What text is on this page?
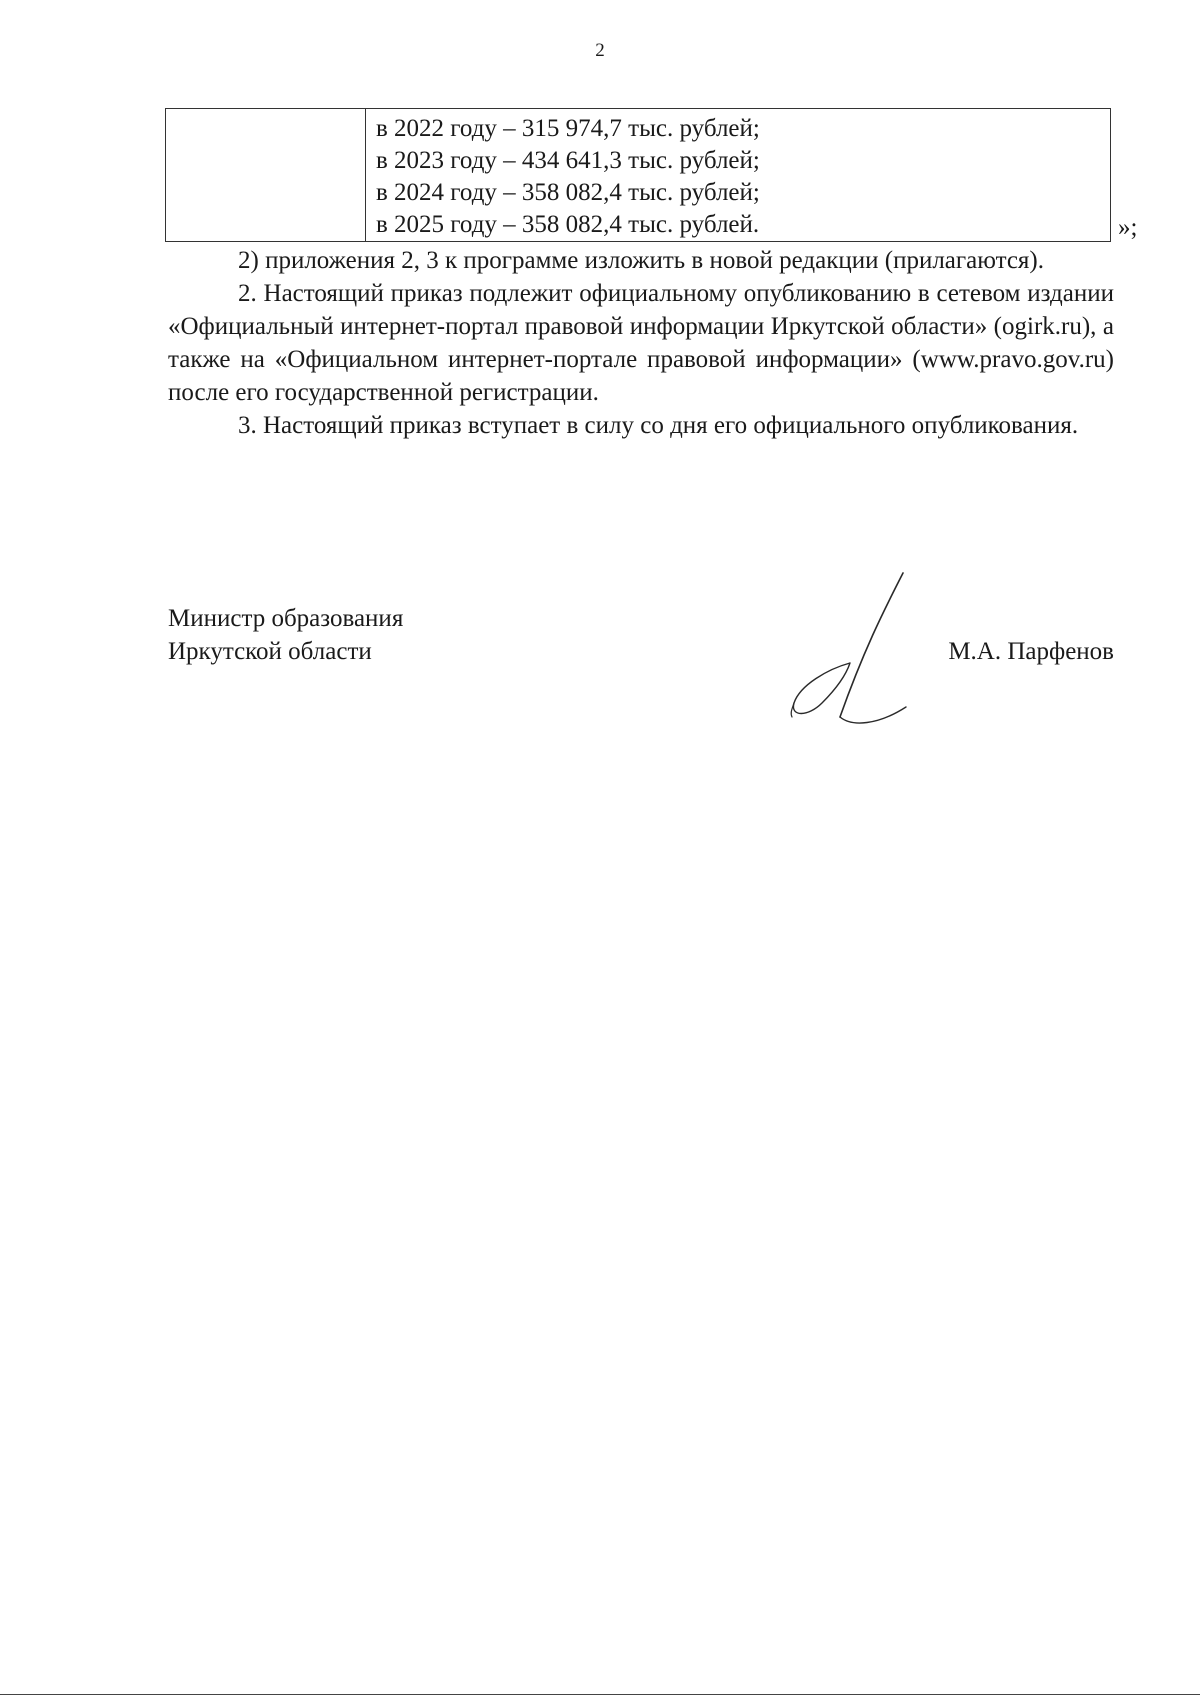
2
в 2022 году – 315 974,7 тыс. рублей;
в 2023 году – 434 641,3 тыс. рублей;
в 2024 году – 358 082,4 тыс. рублей;
в 2025 году – 358 082,4 тыс. рублей.	»;

2) приложения 2, 3 к программе изложить в новой редакции (прилагаются).

2. Настоящий приказ подлежит официальному опубликованию в сетевом издании «Официальный интернет-портал правовой информации Иркутской области» (ogirk.ru), а также на «Официальном интернет-портале правовой информации» (www.pravo.gov.ru) после его государственной регистрации.

3. Настоящий приказ вступает в силу со дня его официального опубликования.

Министр образования
Иркутской области	М.А. Парфенов
